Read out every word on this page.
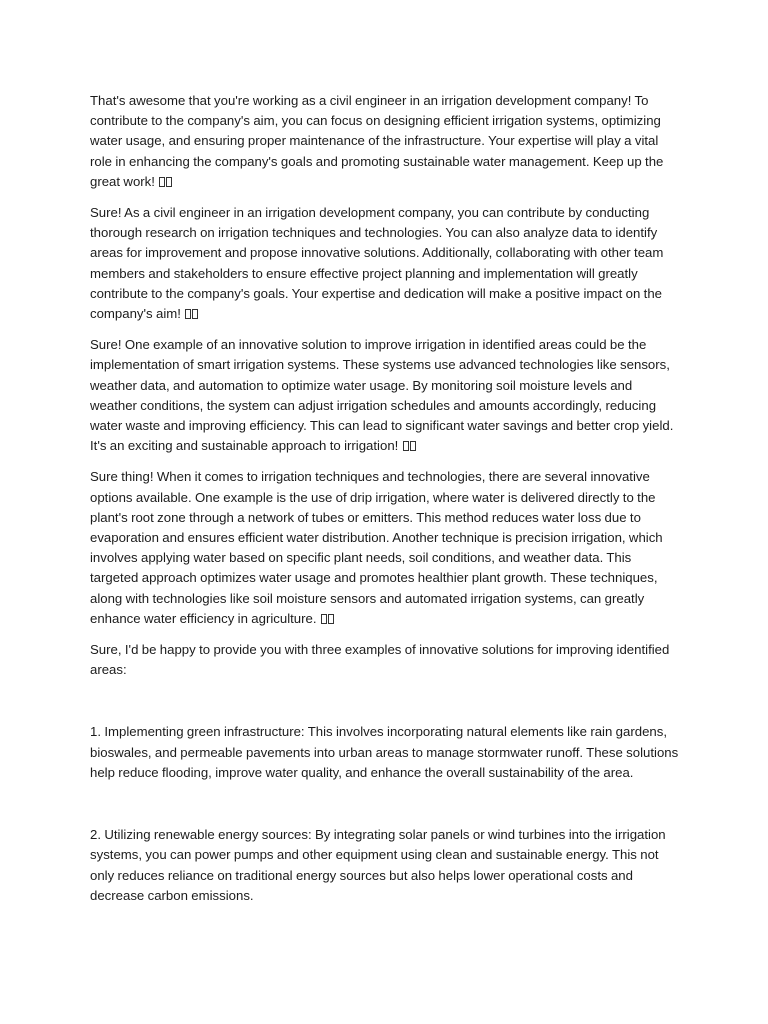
That's awesome that you're working as a civil engineer in an irrigation development company! To contribute to the company's aim, you can focus on designing efficient irrigation systems, optimizing water usage, and ensuring proper maintenance of the infrastructure. Your expertise will play a vital role in enhancing the company's goals and promoting sustainable water management. Keep up the great work!

Sure! As a civil engineer in an irrigation development company, you can contribute by conducting thorough research on irrigation techniques and technologies. You can also analyze data to identify areas for improvement and propose innovative solutions. Additionally, collaborating with other team members and stakeholders to ensure effective project planning and implementation will greatly contribute to the company's goals. Your expertise and dedication will make a positive impact on the company's aim!

Sure! One example of an innovative solution to improve irrigation in identified areas could be the implementation of smart irrigation systems. These systems use advanced technologies like sensors, weather data, and automation to optimize water usage. By monitoring soil moisture levels and weather conditions, the system can adjust irrigation schedules and amounts accordingly, reducing water waste and improving efficiency. This can lead to significant water savings and better crop yield. It's an exciting and sustainable approach to irrigation!

Sure thing! When it comes to irrigation techniques and technologies, there are several innovative options available. One example is the use of drip irrigation, where water is delivered directly to the plant's root zone through a network of tubes or emitters. This method reduces water loss due to evaporation and ensures efficient water distribution. Another technique is precision irrigation, which involves applying water based on specific plant needs, soil conditions, and weather data. This targeted approach optimizes water usage and promotes healthier plant growth. These techniques, along with technologies like soil moisture sensors and automated irrigation systems, can greatly enhance water efficiency in agriculture.

Sure, I'd be happy to provide you with three examples of innovative solutions for improving identified areas:

1. Implementing green infrastructure: This involves incorporating natural elements like rain gardens, bioswales, and permeable pavements into urban areas to manage stormwater runoff. These solutions help reduce flooding, improve water quality, and enhance the overall sustainability of the area.

2. Utilizing renewable energy sources: By integrating solar panels or wind turbines into the irrigation systems, you can power pumps and other equipment using clean and sustainable energy. This not only reduces reliance on traditional energy sources but also helps lower operational costs and decrease carbon emissions.
